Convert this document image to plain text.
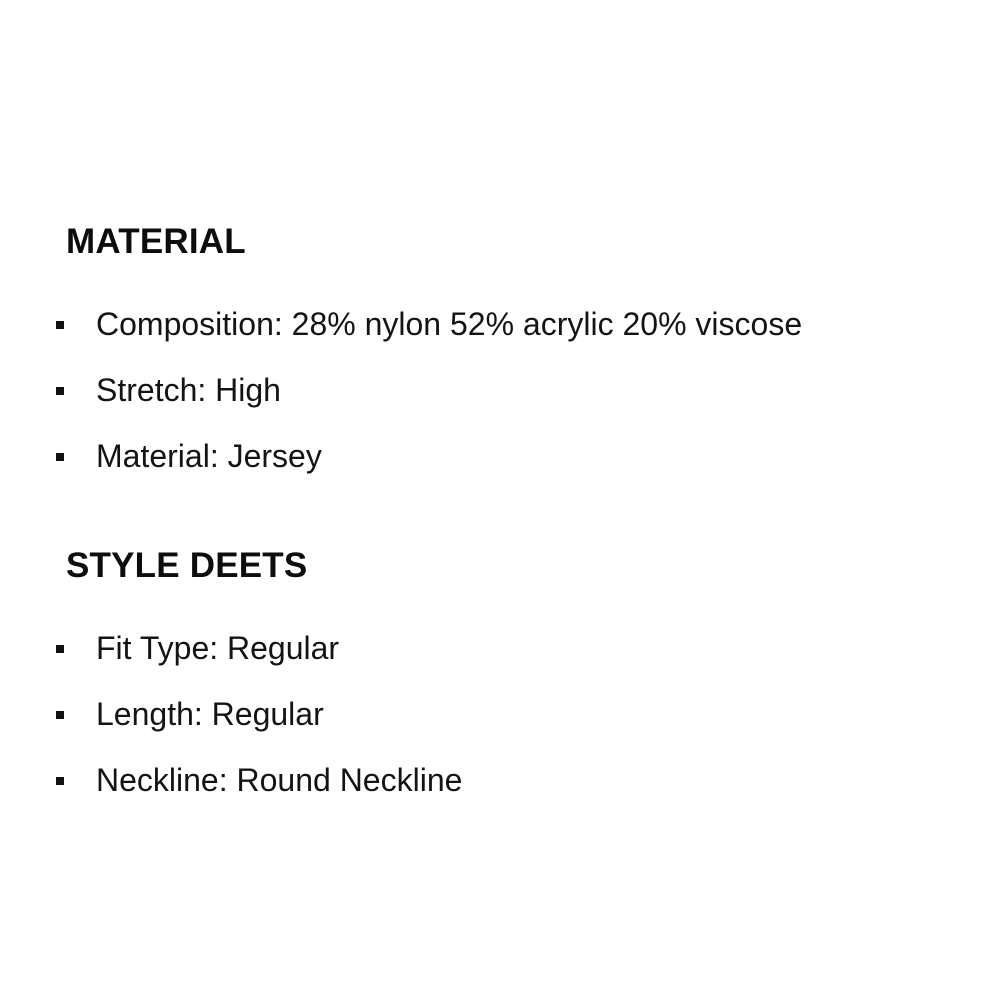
MATERIAL
Composition: 28% nylon 52% acrylic 20% viscose
Stretch: High
Material: Jersey
STYLE DEETS
Fit Type: Regular
Length: Regular
Neckline: Round Neckline
